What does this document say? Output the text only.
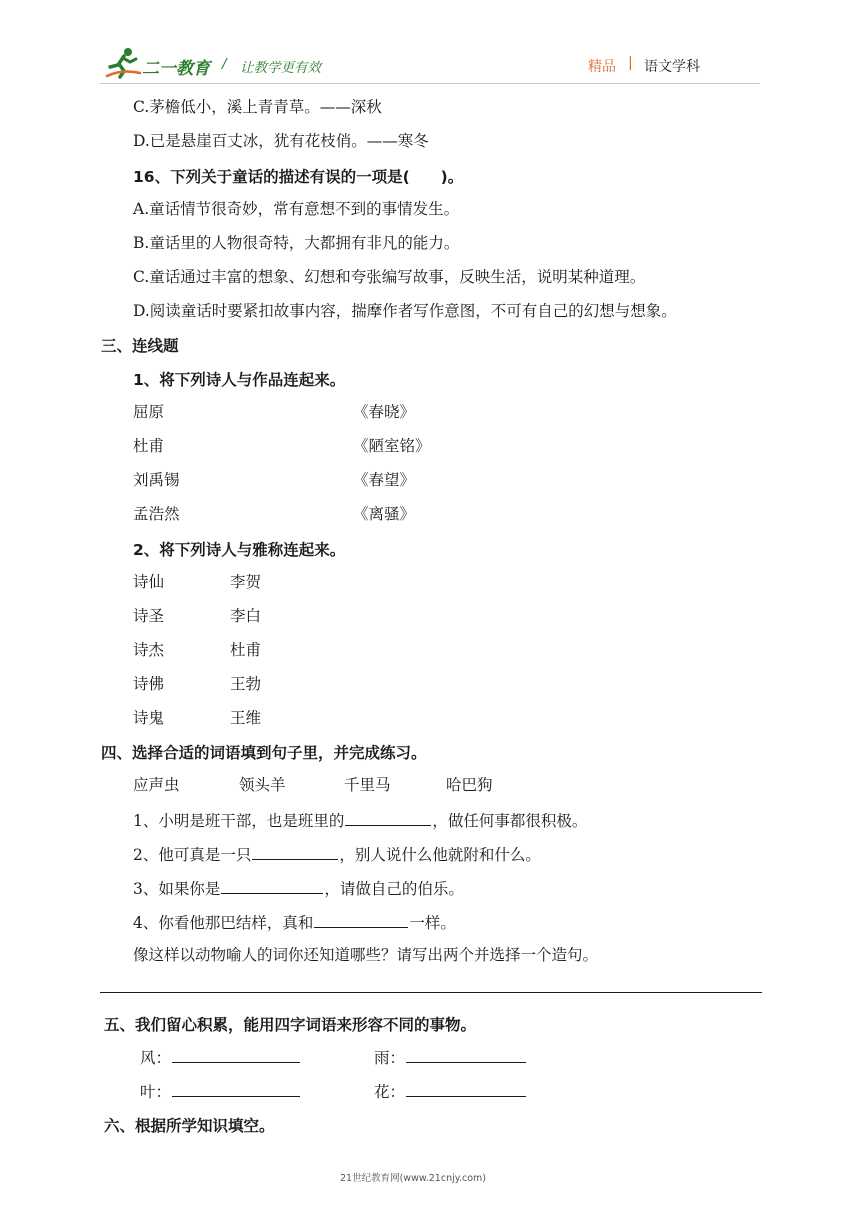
二一教育 / 让教学更有效	精品 | 语文学科
C.茅檐低小，溪上青青草。——深秋
D.已是悬崖百丈冰，犹有花枝俏。——寒冬
16、下列关于童话的描述有误的一项是(　　)。
A.童话情节很奇妙，常有意想不到的事情发生。
B.童话里的人物很奇特，大都拥有非凡的能力。
C.童话通过丰富的想象、幻想和夸张编写故事，反映生活，说明某种道理。
D.阅读童话时要紧扣故事内容，揣摩作者写作意图，不可有自己的幻想与想象。
三、连线题
1、将下列诗人与作品连起来。
屈原	《春晓》
杜甫	《陋室铭》
刘禹锡	《春望》
孟浩然	《离骚》
2、将下列诗人与雅称连起来。
诗仙	李贺
诗圣	李白
诗杰	杜甫
诗佛	王勃
诗鬼	王维
四、选择合适的词语填到句子里，并完成练习。
应声虫	领头羊	千里马	哈巴狗
1、小明是班干部，也是班里的	，做任何事都很积极。
2、他可真是一只	，别人说什么他就附和什么。
3、如果你是	，请做自己的伯乐。
4、你看他那巴结样，真和	一样。
像这样以动物喻人的词你还知道哪些？请写出两个并选择一个造句。
五、我们留心积累，能用四字词语来形容不同的事物。
风：	雨：
叶：	花：
六、根据所学知识填空。
21世纪教育网(www.21cnjy.com)
